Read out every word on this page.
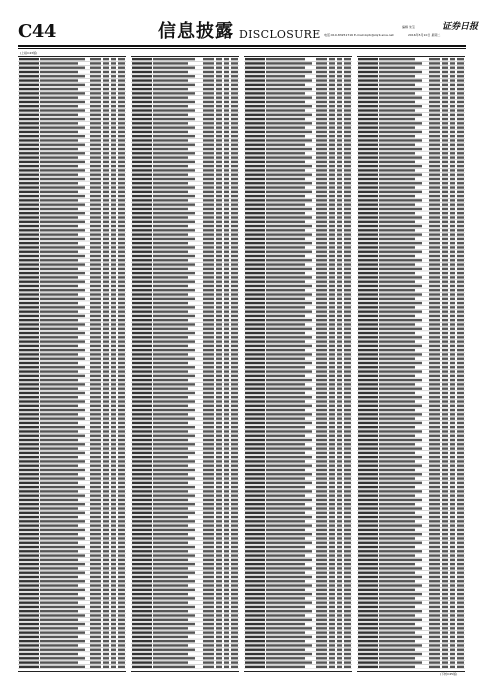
C44	信息披露 DISCLOSURE
编辑 朱宝
电话:010-83251716 E-mail:zqrb@zqrb.sina.net	2016年5月10日 星期二
证券日报
(上接C43版)
(下转C45版)
